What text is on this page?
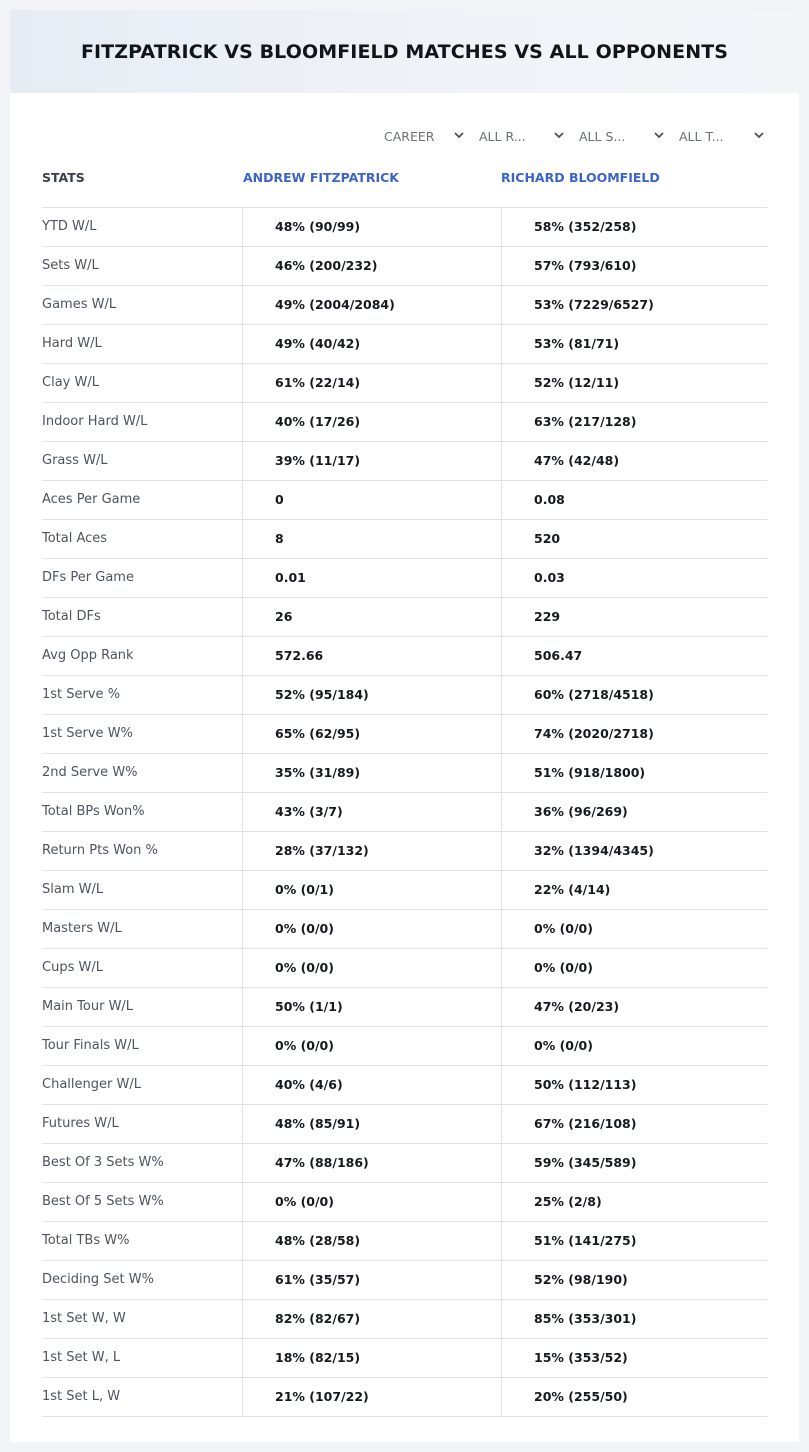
FITZPATRICK VS BLOOMFIELD MATCHES VS ALL OPPONENTS
CAREER	ALL R...	ALL S...	ALL T...
STATS	ANDREW FITZPATRICK	RICHARD BLOOMFIELD
YTD W/L	48% (90/99)	58% (352/258)
Sets W/L	46% (200/232)	57% (793/610)
Games W/L	49% (2004/2084)	53% (7229/6527)
Hard W/L	49% (40/42)	53% (81/71)
Clay W/L	61% (22/14)	52% (12/11)
Indoor Hard W/L	40% (17/26)	63% (217/128)
Grass W/L	39% (11/17)	47% (42/48)
Aces Per Game	0	0.08
Total Aces	8	520
DFs Per Game	0.01	0.03
Total DFs	26	229
Avg Opp Rank	572.66	506.47
1st Serve %	52% (95/184)	60% (2718/4518)
1st Serve W%	65% (62/95)	74% (2020/2718)
2nd Serve W%	35% (31/89)	51% (918/1800)
Total BPs Won%	43% (3/7)	36% (96/269)
Return Pts Won %	28% (37/132)	32% (1394/4345)
Slam W/L	0% (0/1)	22% (4/14)
Masters W/L	0% (0/0)	0% (0/0)
Cups W/L	0% (0/0)	0% (0/0)
Main Tour W/L	50% (1/1)	47% (20/23)
Tour Finals W/L	0% (0/0)	0% (0/0)
Challenger W/L	40% (4/6)	50% (112/113)
Futures W/L	48% (85/91)	67% (216/108)
Best Of 3 Sets W%	47% (88/186)	59% (345/589)
Best Of 5 Sets W%	0% (0/0)	25% (2/8)
Total TBs W%	48% (28/58)	51% (141/275)
Deciding Set W%	61% (35/57)	52% (98/190)
1st Set W, W	82% (82/67)	85% (353/301)
1st Set W, L	18% (82/15)	15% (353/52)
1st Set L, W	21% (107/22)	20% (255/50)
